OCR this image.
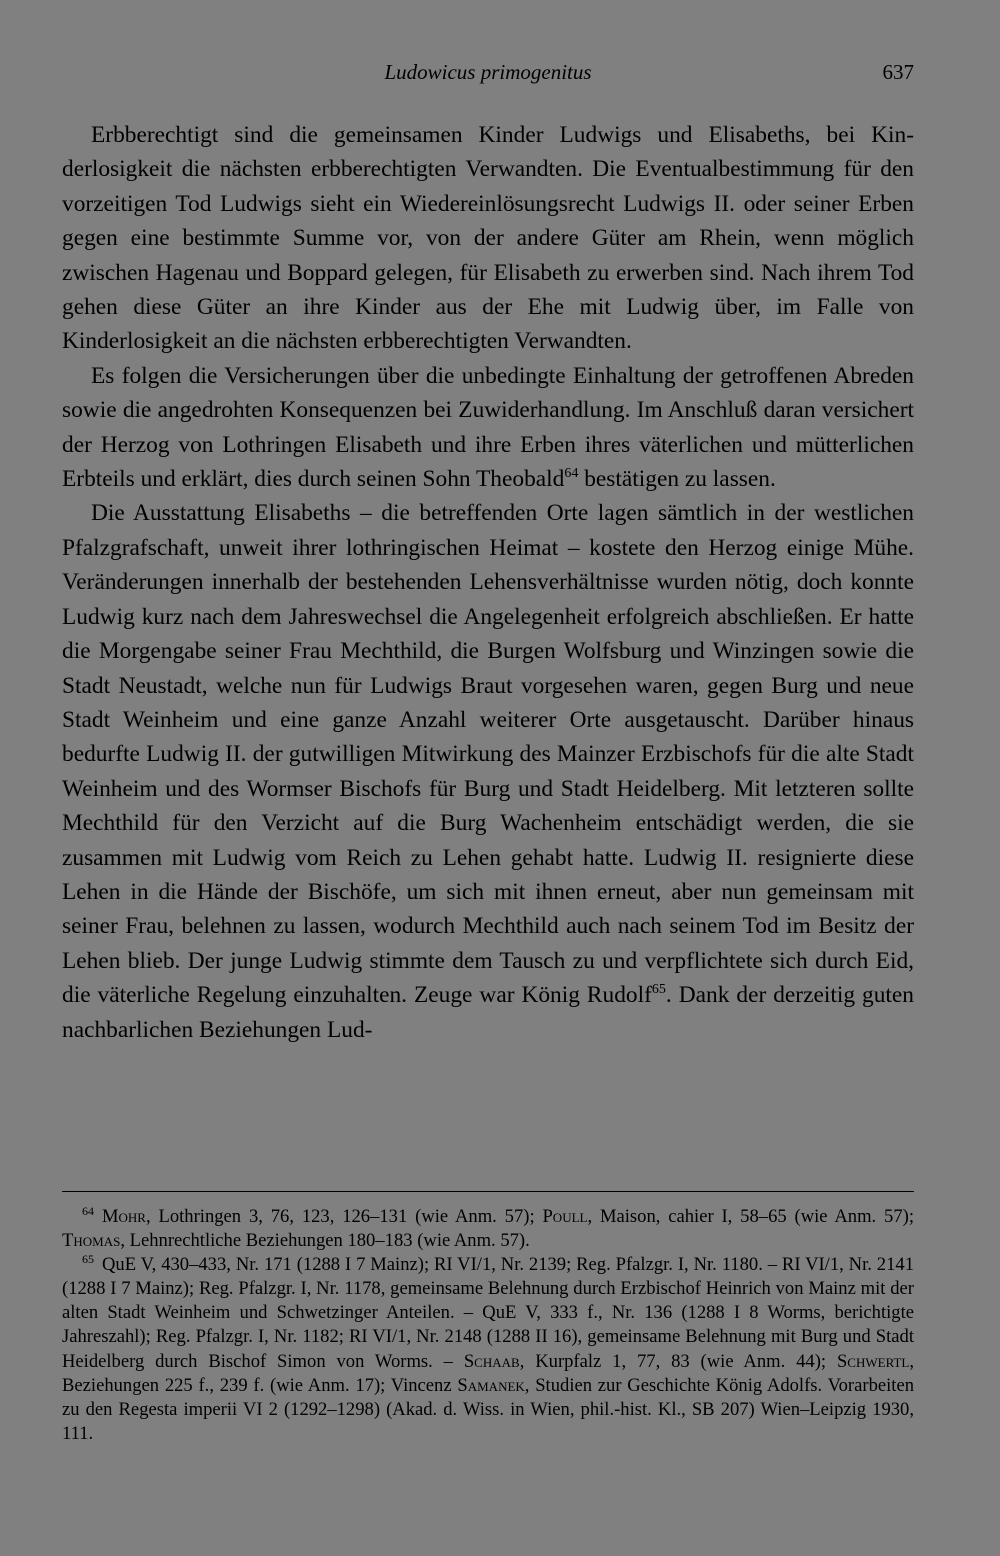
Ludowicus primogenitus	637

Erbberechtigt sind die gemeinsamen Kinder Ludwigs und Elisabeths, bei Kinderlosigkeit die nächsten erbberechtigten Verwandten. Die Eventualbestimmung für den vorzeitigen Tod Ludwigs sieht ein Wiedereinlösungsrecht Ludwigs II. oder seiner Erben gegen eine bestimmte Summe vor, von der andere Güter am Rhein, wenn möglich zwischen Hagenau und Boppard gelegen, für Elisabeth zu erwerben sind. Nach ihrem Tod gehen diese Güter an ihre Kinder aus der Ehe mit Ludwig über, im Falle von Kinderlosigkeit an die nächsten erbberechtigten Verwandten.

Es folgen die Versicherungen über die unbedingte Einhaltung der getroffenen Abreden sowie die angedrohten Konsequenzen bei Zuwiderhandlung. Im Anschluß daran versichert der Herzog von Lothringen Elisabeth und ihre Erben ihres väterlichen und mütterlichen Erbteils und erklärt, dies durch seinen Sohn Theobald$^{64}$ bestätigen zu lassen.

Die Ausstattung Elisabeths – die betreffenden Orte lagen sämtlich in der westlichen Pfalzgrafschaft, unweit ihrer lothringischen Heimat – kostete den Herzog einige Mühe. Veränderungen innerhalb der bestehenden Lehensverhältnisse wurden nötig, doch konnte Ludwig kurz nach dem Jahreswechsel die Angelegenheit erfolgreich abschließen. Er hatte die Morgengabe seiner Frau Mechthild, die Burgen Wolfsburg und Winzingen sowie die Stadt Neustadt, welche nun für Ludwigs Braut vorgesehen waren, gegen Burg und neue Stadt Weinheim und eine ganze Anzahl weiterer Orte ausgetauscht. Darüber hinaus bedurfte Ludwig II. der gutwilligen Mitwirkung des Mainzer Erzbischofs für die alte Stadt Weinheim und des Wormser Bischofs für Burg und Stadt Heidelberg. Mit letzteren sollte Mechthild für den Verzicht auf die Burg Wachenheim entschädigt werden, die sie zusammen mit Ludwig vom Reich zu Lehen gehabt hatte. Ludwig II. resignierte diese Lehen in die Hände der Bischöfe, um sich mit ihnen erneut, aber nun gemeinsam mit seiner Frau, belehnen zu lassen, wodurch Mechthild auch nach seinem Tod im Besitz der Lehen blieb. Der junge Ludwig stimmte dem Tausch zu und verpflichtete sich durch Eid, die väterliche Regelung einzuhalten. Zeuge war König Rudolf$^{65}$. Dank der derzeitig guten nachbarlichen Beziehungen Lud-

$^{64}$ Mohr, Lothringen 3, 76, 123, 126–131 (wie Anm. 57); Poull, Maison, cahier I, 58–65 (wie Anm. 57); Thomas, Lehnrechtliche Beziehungen 180–183 (wie Anm. 57).

$^{65}$ QuE V, 430–433, Nr. 171 (1288 I 7 Mainz); RI VI/1, Nr. 2139; Reg. Pfalzgr. I, Nr. 1180. – RI VI/1, Nr. 2141 (1288 I 7 Mainz); Reg. Pfalzgr. I, Nr. 1178, gemeinsame Belehnung durch Erzbischof Heinrich von Mainz mit der alten Stadt Weinheim und Schwetzinger Anteilen. – QuE V, 333 f., Nr. 136 (1288 I 8 Worms, berichtigte Jahreszahl); Reg. Pfalzgr. I, Nr. 1182; RI VI/1, Nr. 2148 (1288 II 16), gemeinsame Belehnung mit Burg und Stadt Heidelberg durch Bischof Simon von Worms. – Schaab, Kurpfalz 1, 77, 83 (wie Anm. 44); Schwertl, Beziehungen 225 f., 239 f. (wie Anm. 17); Vincenz Samanek, Studien zur Geschichte König Adolfs. Vorarbeiten zu den Regesta imperii VI 2 (1292–1298) (Akad. d. Wiss. in Wien, phil.-hist. Kl., SB 207) Wien–Leipzig 1930, 111.
